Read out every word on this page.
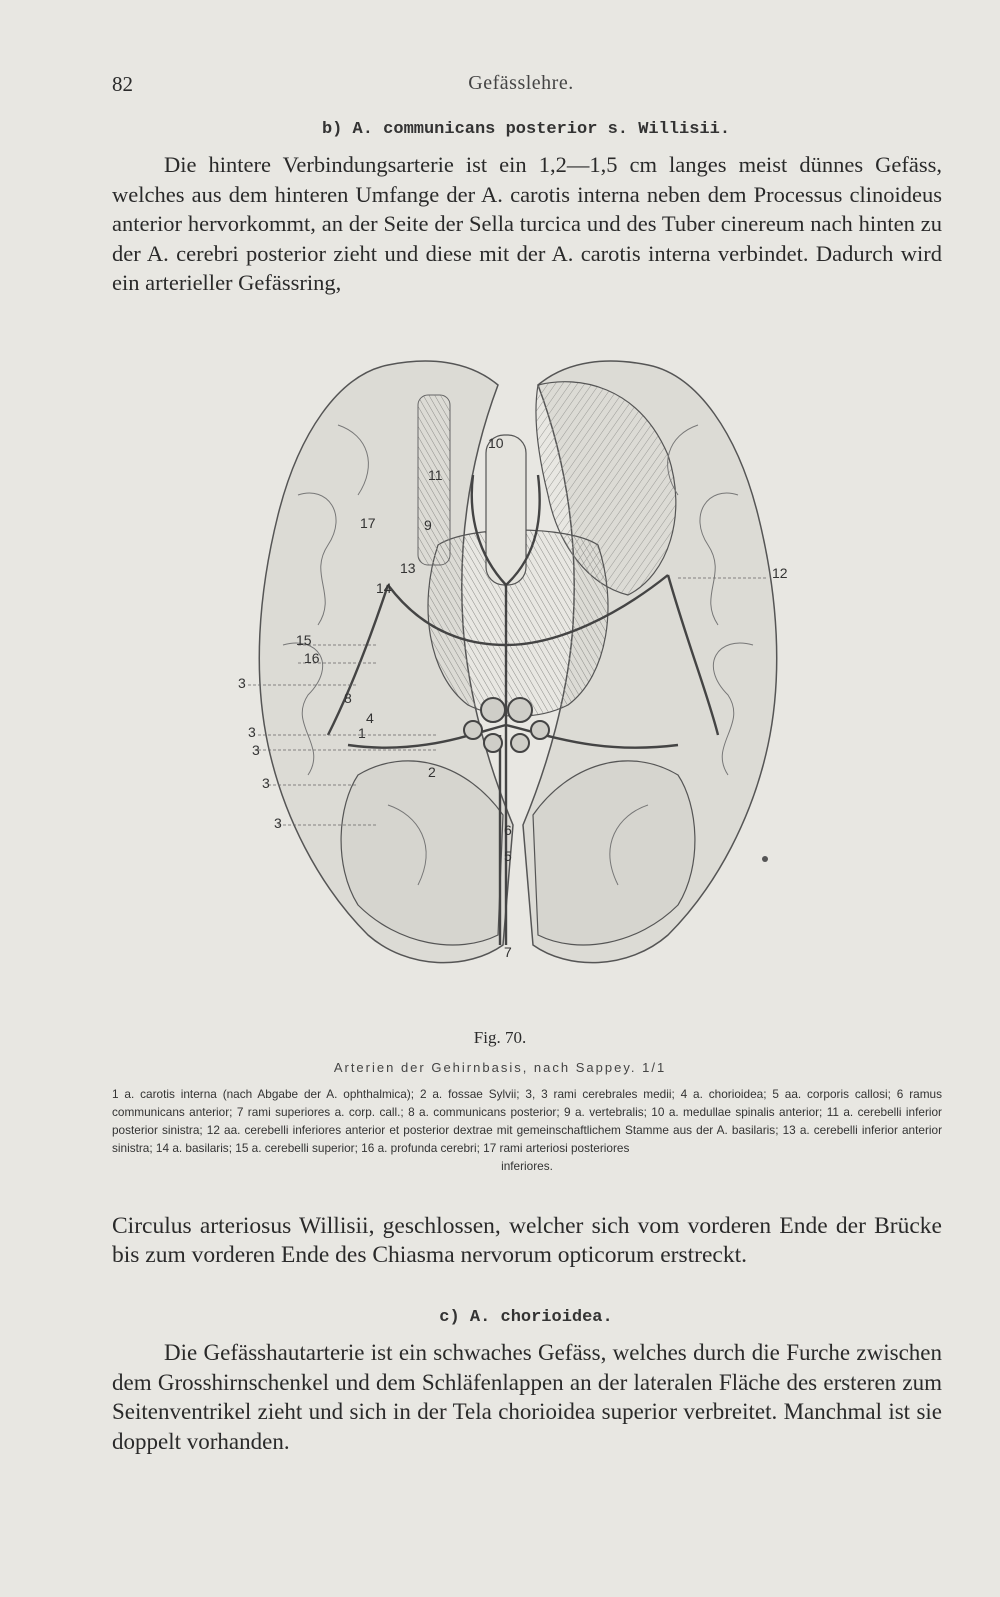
82	Gefässlehre.
b) A. communicans posterior s. Willisii.

Die hintere Verbindungsarterie ist ein 1,2—1,5 cm langes meist dünnes Gefäss, welches aus dem hinteren Umfange der A. carotis interna neben dem Processus clinoideus anterior hervorkommt, an der Seite der Sella turcica und des Tuber cinereum nach hinten zu der A. cerebri posterior zieht und diese mit der A. carotis interna verbindet. Dadurch wird ein arterieller Gefässring,

10
11
17	9
13
14
12
15
16
3
8
4
1
3
3
3
3
2
6
5
7
Fig. 70.
Arterien der Gehirnbasis, nach Sappey. 1/1

1 a. carotis interna (nach Abgabe der A. ophthalmica); 2 a. fossae Sylvii; 3, 3 rami cerebrales medii; 4 a. chorioidea; 5 aa. corporis callosi; 6 ramus communicans anterior; 7 rami superiores a. corp. call.; 8 a. communicans posterior; 9 a. vertebralis; 10 a. medullae spinalis anterior; 11 a. cerebelli inferior posterior sinistra; 12 aa. cerebelli inferiores anterior et posterior dextrae mit gemeinschaftlichem Stamme aus der A. basilaris; 13 a. cerebelli inferior anterior sinistra; 14 a. basilaris; 15 a. cerebelli superior; 16 a. profunda cerebri; 17 rami arteriosi posteriores
inferiores.

Circulus arteriosus Willisii, geschlossen, welcher sich vom vorderen Ende der Brücke bis zum vorderen Ende des Chiasma nervorum opticorum erstreckt.

c) A. chorioidea.

Die Gefässhautarterie ist ein schwaches Gefäss, welches durch die Furche zwischen dem Grosshirnschenkel und dem Schläfenlappen an der lateralen Fläche des ersteren zum Seitenventrikel zieht und sich in der Tela chorioidea superior verbreitet. Manchmal ist sie doppelt vorhanden.
